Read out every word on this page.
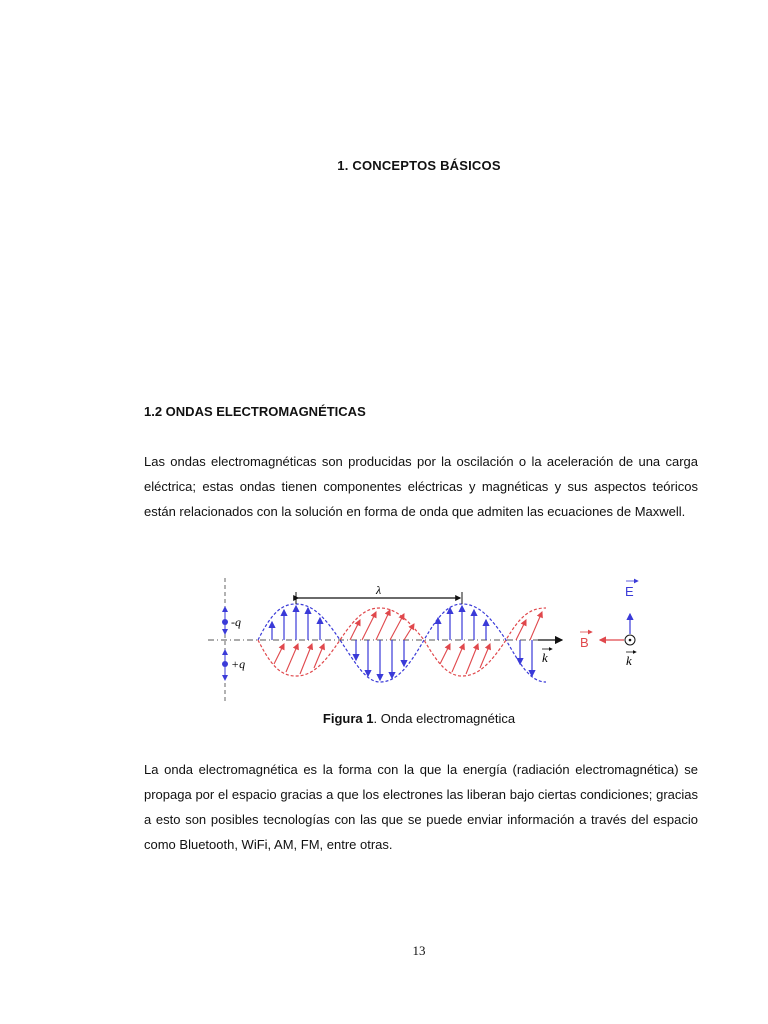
1. CONCEPTOS BÁSICOS
1.2 ONDAS ELECTROMAGNÉTICAS

Las ondas electromagnéticas son producidas por la oscilación o la aceleración de una carga eléctrica; estas ondas tienen componentes eléctricas y magnéticas y sus aspectos teóricos están relacionados con la solución en forma de onda que admiten las ecuaciones de Maxwell.

-q
+q
λ
k
E
B
k
Figura 1. Onda electromagnética

La onda electromagnética es la forma con la que la energía (radiación electromagnética) se propaga por el espacio gracias a que los electrones las liberan bajo ciertas condiciones; gracias a esto son posibles tecnologías con las que se puede enviar información a través del espacio como Bluetooth, WiFi, AM, FM, entre otras.

13
